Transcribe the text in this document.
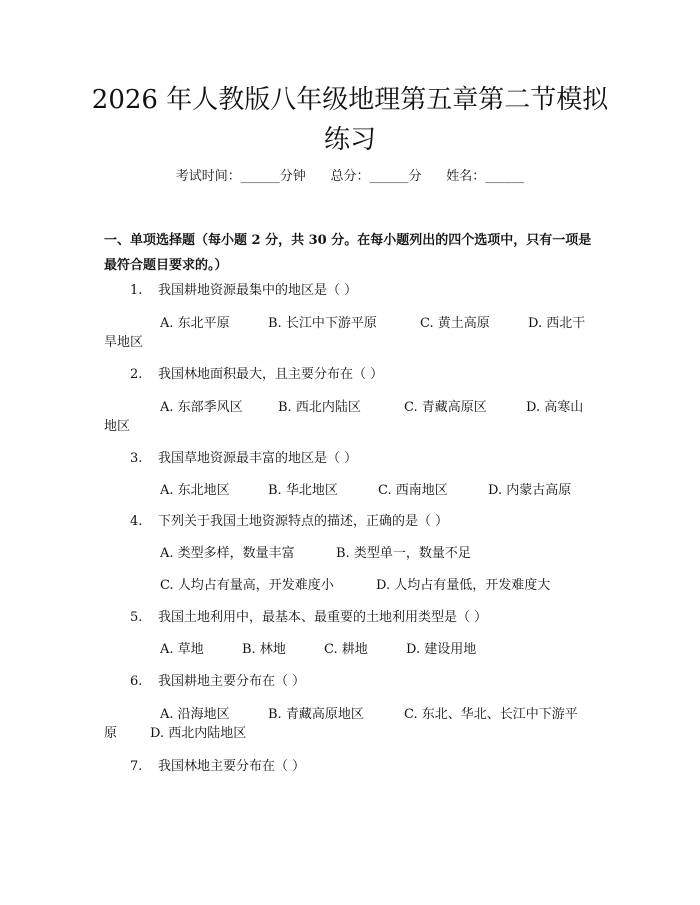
2026 年人教版八年级地理第五章第二节模拟
练习
考试时间：______分钟      总分：______分      姓名：______
一、单项选择题（每小题 2 分，共 30 分。在每小题列出的四个选项中，只有一项是最符合题目要求的。）
1. 我国耕地资源最集中的地区是（ ）
A. 东北平原	B. 长江中下游平原	C. 黄土高原	D. 西北干
旱地区
2. 我国林地面积最大，且主要分布在（ ）
A. 东部季风区	B. 西北内陆区	C. 青藏高原区	D. 高寒山
地区
3. 我国草地资源最丰富的地区是（ ）
A. 东北地区	B. 华北地区	C. 西南地区	D. 内蒙古高原
4. 下列关于我国土地资源特点的描述，正确的是（ ）
A. 类型多样，数量丰富	B. 类型单一，数量不足
C. 人均占有量高，开发难度小	D. 人均占有量低，开发难度大
5. 我国土地利用中，最基本、最重要的土地利用类型是（ ）
A. 草地	B. 林地	C. 耕地	D. 建设用地
6. 我国耕地主要分布在（ ）
A. 沿海地区	B. 青藏高原地区	C. 东北、华北、长江中下游平
原	D. 西北内陆地区
7. 我国林地主要分布在（ ）
